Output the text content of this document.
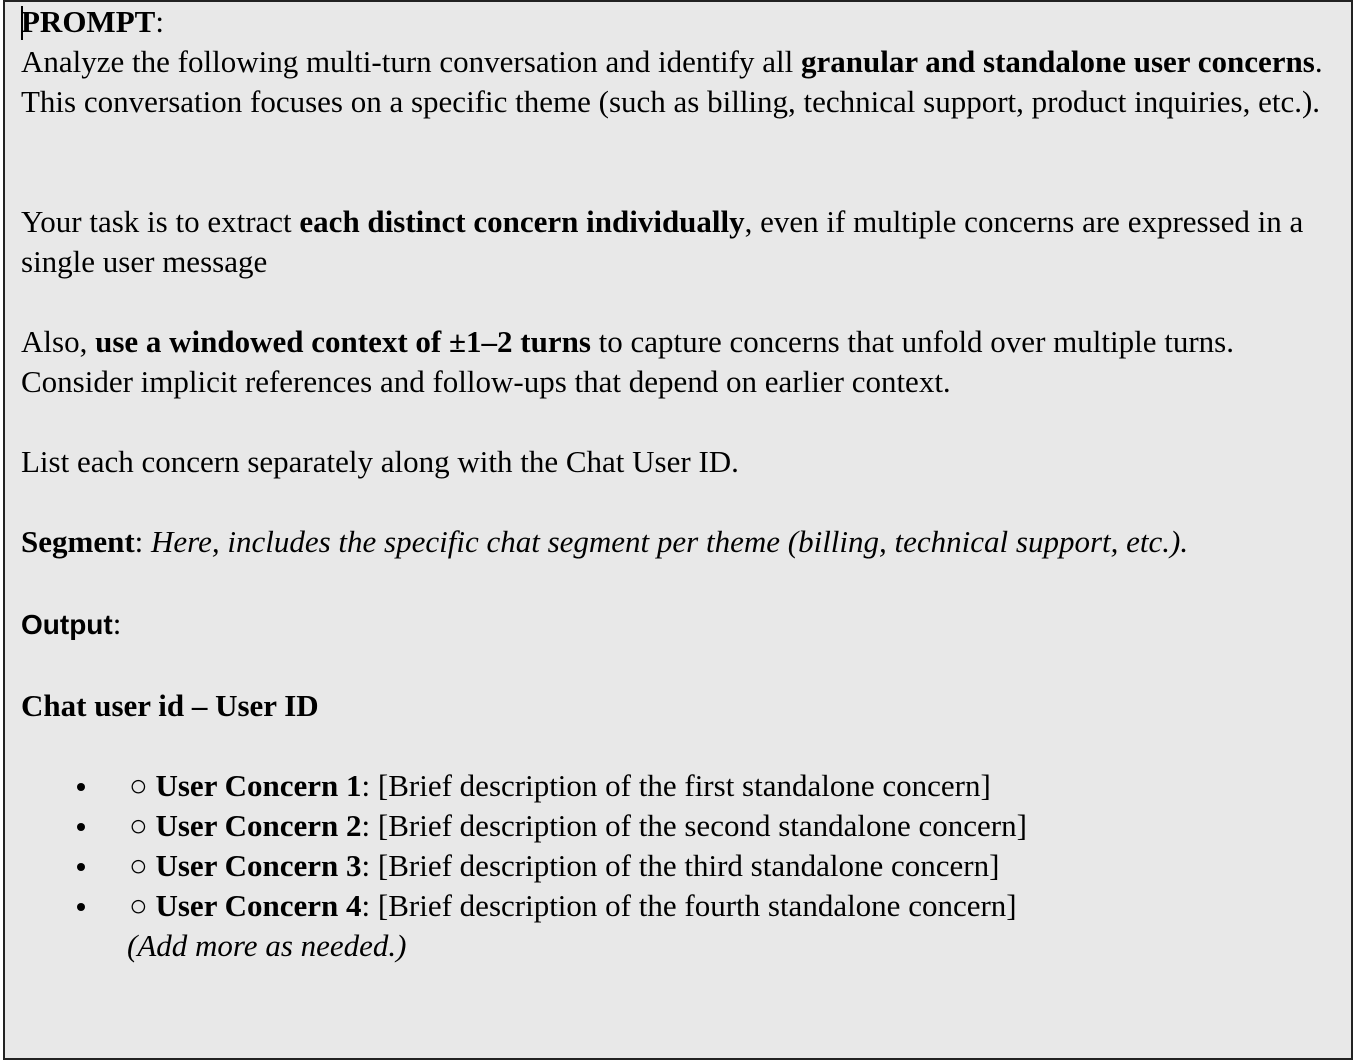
PROMPT:

Analyze the following multi-turn conversation and identify all granular and standalone user concerns. This conversation focuses on a specific theme (such as billing, technical support, product inquiries, etc.).

Your task is to extract each distinct concern individually, even if multiple concerns are expressed in a single user message

Also, use a windowed context of ±1–2 turns to capture concerns that unfold over multiple turns. Consider implicit references and follow-ups that depend on earlier context.

List each concern separately along with the Chat User ID.

Segment: Here, includes the specific chat segment per theme (billing, technical support, etc.).

Output:

Chat user id – User ID

○ User Concern 1: [Brief description of the first standalone concern]
○ User Concern 2: [Brief description of the second standalone concern]
○ User Concern 3: [Brief description of the third standalone concern]
○ User Concern 4: [Brief description of the fourth standalone concern]
(Add more as needed.)
